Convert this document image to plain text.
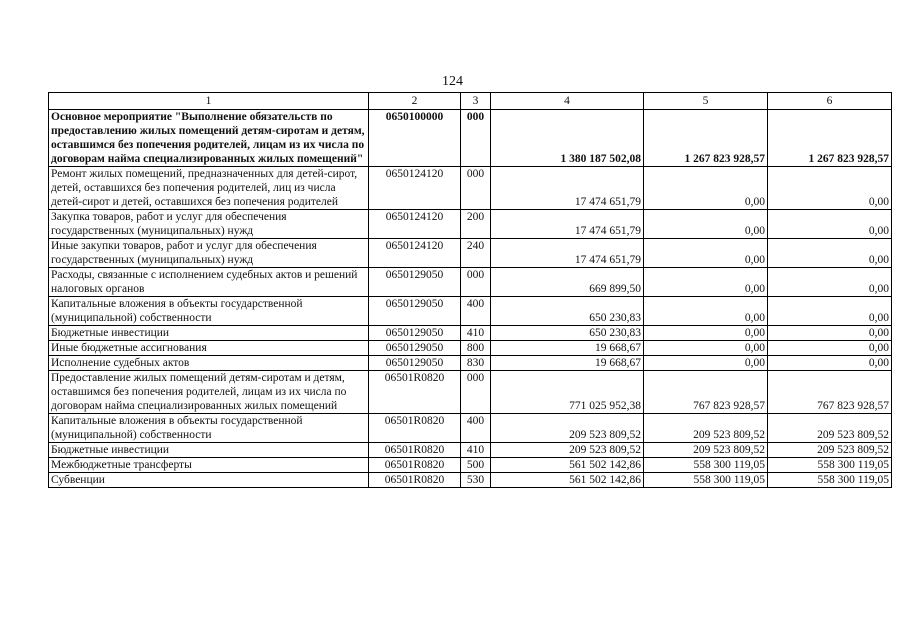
124
1	2	3	4	5	6
Основное мероприятие "Выполнение обязательств по предоставлению жилых помещений детям-сиротам и детям, оставшимся без попечения родителей, лицам из их числа по договорам найма специализированных жилых помещений"	0650100000	000	1 380 187 502,08	1 267 823 928,57	1 267 823 928,57
Ремонт жилых помещений, предназначенных для детей-сирот, детей, оставшихся без попечения родителей, лиц из числа детей-сирот и детей, оставшихся без попечения родителей	0650124120	000	17 474 651,79	0,00	0,00
Закупка товаров, работ и услуг для обеспечения государственных (муниципальных) нужд	0650124120	200	17 474 651,79	0,00	0,00
Иные закупки товаров, работ и услуг для обеспечения государственных (муниципальных) нужд	0650124120	240	17 474 651,79	0,00	0,00
Расходы, связанные с исполнением судебных актов и решений налоговых органов	0650129050	000	669 899,50	0,00	0,00
Капитальные вложения в объекты государственной (муниципальной) собственности	0650129050	400	650 230,83	0,00	0,00
Бюджетные инвестиции	0650129050	410	650 230,83	0,00	0,00
Иные бюджетные ассигнования	0650129050	800	19 668,67	0,00	0,00
Исполнение судебных актов	0650129050	830	19 668,67	0,00	0,00
Предоставление жилых помещений детям-сиротам и детям, оставшимся без попечения родителей, лицам из их числа по договорам найма специализированных жилых помещений	06501R0820	000	771 025 952,38	767 823 928,57	767 823 928,57
Капитальные вложения в объекты государственной (муниципальной) собственности	06501R0820	400	209 523 809,52	209 523 809,52	209 523 809,52
Бюджетные инвестиции	06501R0820	410	209 523 809,52	209 523 809,52	209 523 809,52
Межбюджетные трансферты	06501R0820	500	561 502 142,86	558 300 119,05	558 300 119,05
Субвенции	06501R0820	530	561 502 142,86	558 300 119,05	558 300 119,05
